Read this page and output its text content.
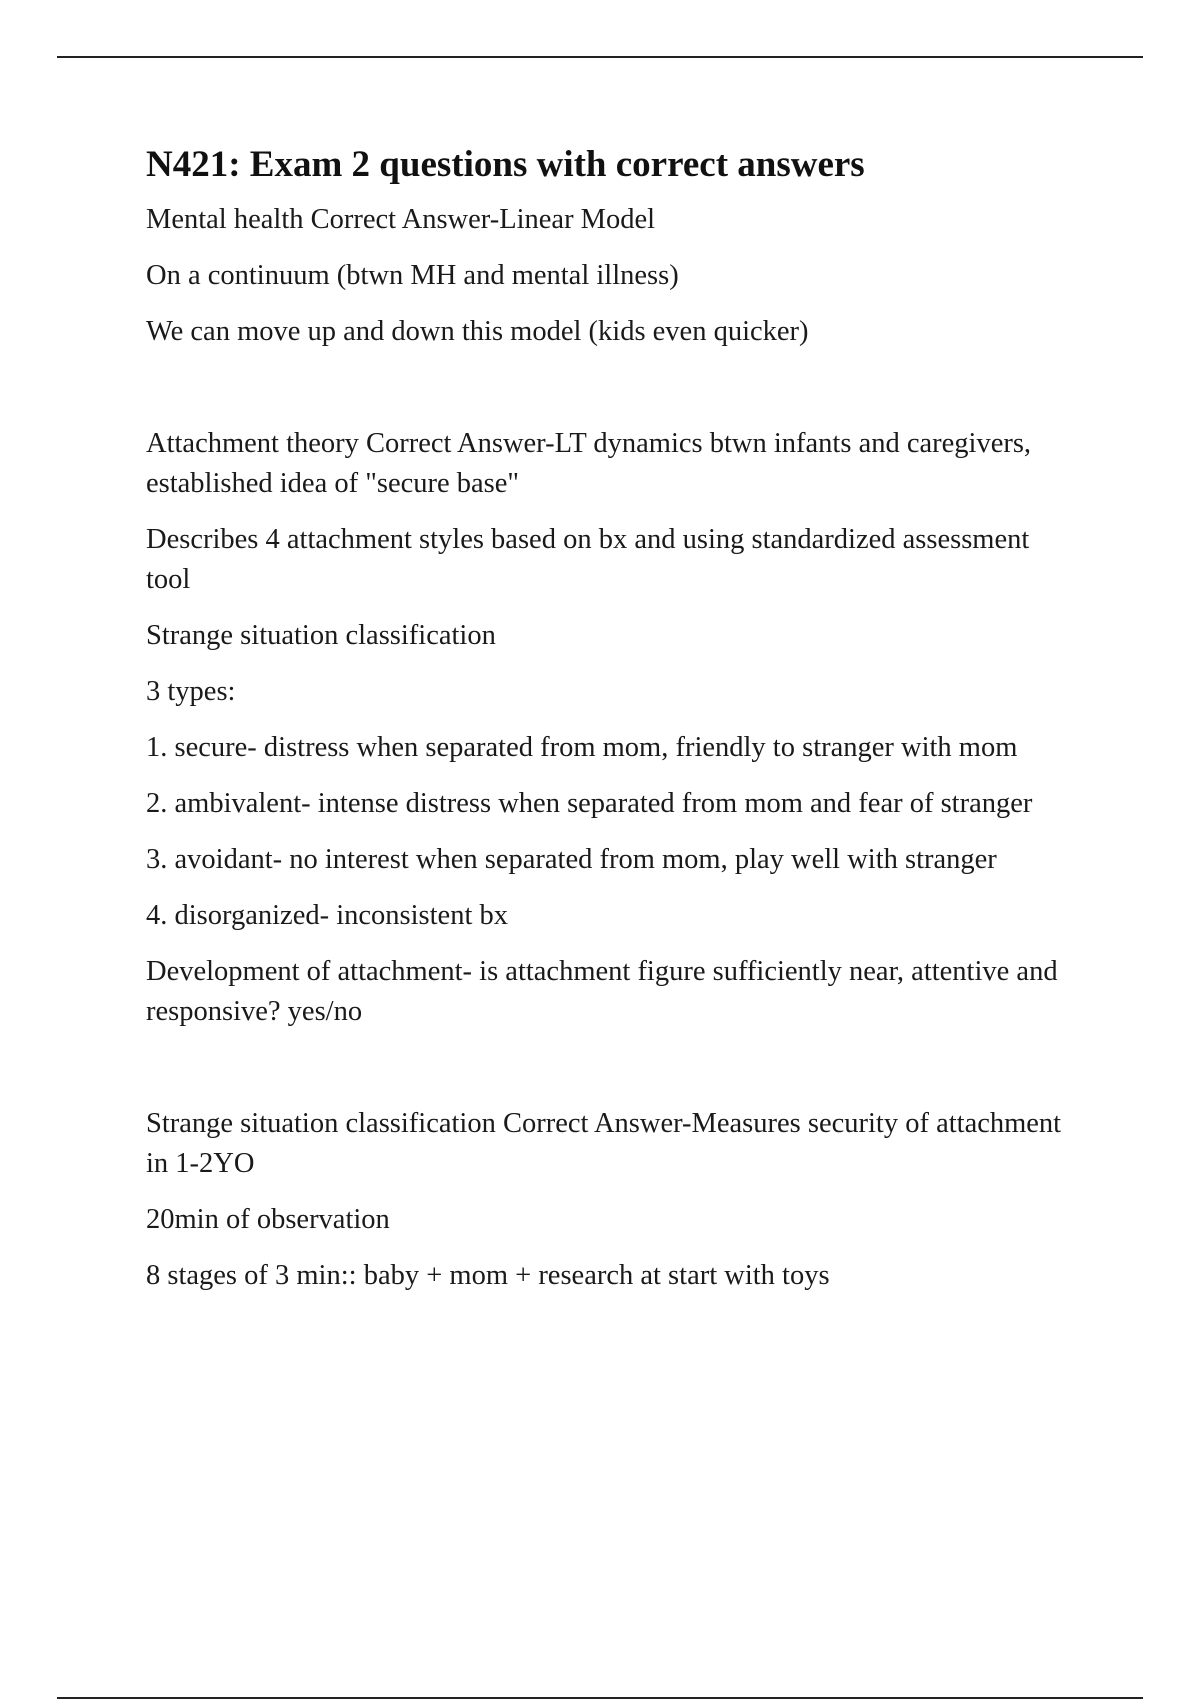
N421: Exam 2 questions with correct answers

Mental health Correct Answer-Linear Model

On a continuum (btwn MH and mental illness)

We can move up and down this model (kids even quicker)

Attachment theory Correct Answer-LT dynamics btwn infants and caregivers, established idea of "secure base"

Describes 4 attachment styles based on bx and using standardized assessment tool

Strange situation classification

3 types:

1. secure- distress when separated from mom, friendly to stranger with mom

2. ambivalent- intense distress when separated from mom and fear of stranger

3. avoidant- no interest when separated from mom, play well with stranger

4. disorganized- inconsistent bx

Development of attachment- is attachment figure sufficiently near, attentive and responsive? yes/no

Strange situation classification Correct Answer-Measures security of attachment in 1-2YO

20min of observation

8 stages of 3 min:: baby + mom + research at start with toys
